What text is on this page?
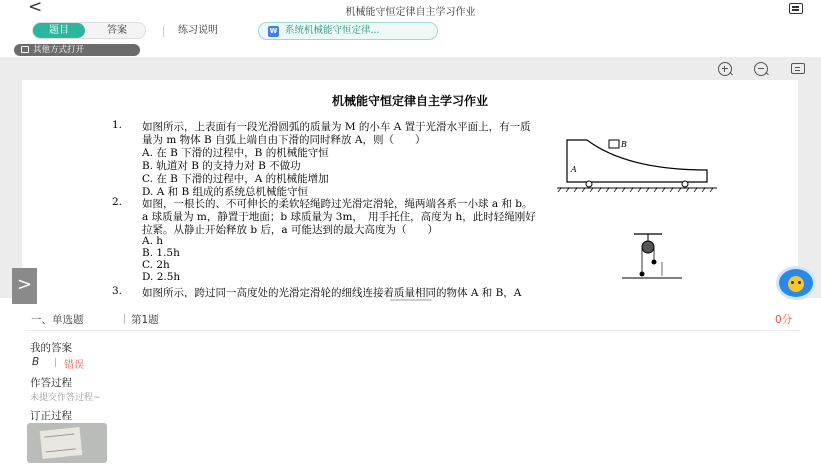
<	机械能守恒定律自主学习作业
题目	答案	练习说明	W 系统机械能守恒定律...
其他方式打开
机械能守恒定律自主学习作业
1. 如图所示，上表面有一段光滑圆弧的质量为 M 的小车 A 置于光滑水平面上，有一质
量为 m 物体 B 自弧上端自由下滑的同时释放 A，则（　　）
A. 在 B 下滑的过程中，B 的机械能守恒
B. 轨道对 B 的支持力对 B 不做功
C. 在 B 下滑的过程中，A 的机械能增加
D. A 和 B 组成的系统总机械能守恒
B
A
2. 如图，一根长的、不可伸长的柔软轻绳跨过光滑定滑轮，绳两端各系一小球 a 和 b。
a 球质量为 m，静置于地面；b 球质量为 3m，　用手托住，高度为 h，此时轻绳刚好
拉紧。从静止开始释放 b 后，a 可能达到的最大高度为（　　）
A. h
B. 1.5h
C. 2h
D. 2.5h
3. 如图所示，跨过同一高度处的光滑定滑轮的细线连接着质量相同的物体 A 和 B，A
>
一、单选题	第1题	0分
我的答案
B 错误
作答过程
未提交作答过程~
订正过程
